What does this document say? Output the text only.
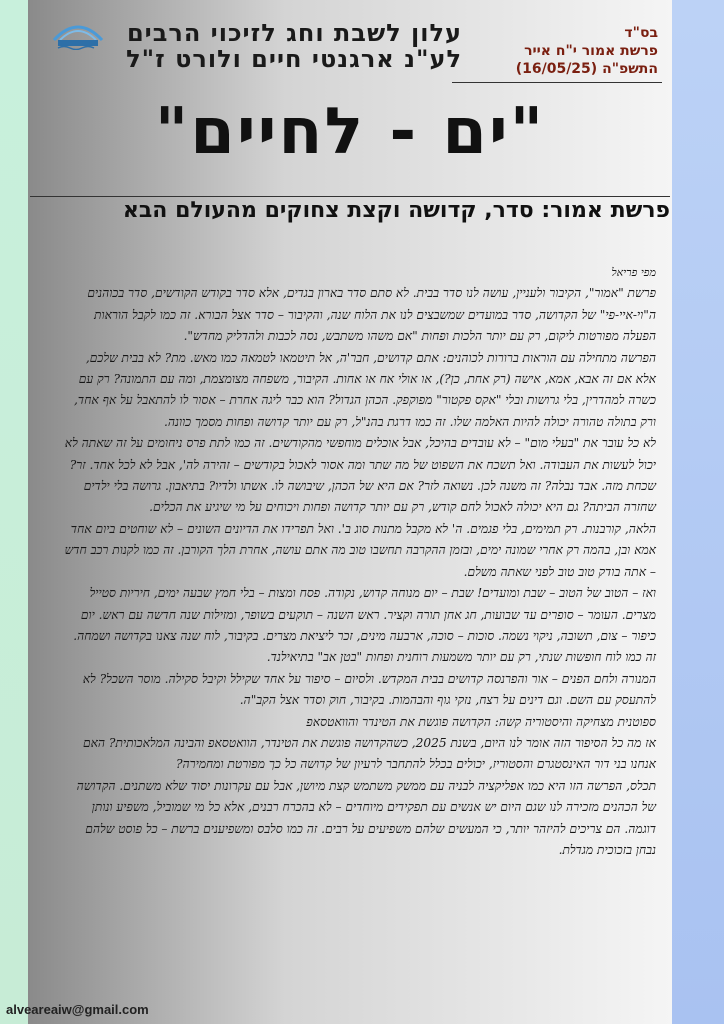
עלון לשבת וחג לזיכוי הרבים
לע"נ ארגנטי חיים ולורט ז"ל
בס"ד
פרשת אמור י"ח אייר
התשפ"ה (16/05/25)
"ים - לחיים"
פרשת אמור: סדר, קדושה וקצת צחוקים מהעולם הבא

מפי פריאל

פרשת "אמור", הקיבור ולעניין, עושה לנו סדר בבית. לא סתם סדר בארון בגדים, אלא סדר בקודש הקודשים, סדר בכוהנים ה"וי-איי-פי" של הקדושה, סדר במועדים שמשבצים לנו את הלוח שנה, והקיבור – סדר אצל הבורא. זה כמו לקבל הוראות הפעלה מפורטות ליקום, רק עם יותר הלכות ופחות "אם משהו משתבש, נסה לכבות ולהדליק מחדש".

הפרשה מתחילה עם הוראות ברורות לכוהנים: אתם קדושים, חבר'ה, אל תיטמאו לטמאה כמו מאש. מת? לא בבית שלכם, אלא אם זה אבא, אמא, אישה (רק אחת, כן?), או אולי אח או אחות. הקיבור, משפחה מצומצמת, ומה עם התמונה? רק עם כשרה למהדרין, בלי גרושות ובלי "אקס פקטור" מפוקפק. הכהן הגדול? הוא כבר ליגה אחרת – אסור לו להתאבל על אף אחד, ורק בתולה טהורה יכולה להיות האלמה שלו. זה כמו דרגת בהנ"ל, רק עם יותר קדושה ופחות מסמך כוונה.

לא כל עובר את "בעלי מום" – לא עובדים בהיכל, אבל אוכלים מוחפשי מהקודשים. זה כמו לתת פרס ניחומים על זה שאתה לא יכול לעשות את העבודה. ואל תשכח את השפוט של מה שתר ומה אסור לאכול בקודשים – זהירה לה', אבל לא לכל אחד. זר? שכחת מזה. אבד נבלה? זה משנה לכן. נשואה לזר? אם היא של הכהן, שיבושה לו. אשתו ולדיו? בתיאבון. גרושה בלי ילדים שחזרה הביתה? גם היא יכולה לאכול לחם קודש, רק עם יותר קדושה ופחות ויכוחים על מי שיגיע את הכלים.

הלאה, קורבנות. רק תמימים, בלי פגמים. ה' לא מקבל מתנות סוג ב'. ואל תפרידו את הדיונים השונים – לא שוחטים ביום אחד אמא ובן, בהמה רק אחרי שמונה ימים, ובזמן ההקרבה תחשבו טוב מה אתם עושה, אחרת הלך הקורבן. זה כמו לקנות רכב חדש – אתה בודק טוב טוב לפני שאתה משלם.

ואז – הטוב של הטוב – שבת ומועדים! שבת – יום מנוחה קדוש, נקודה. פסח ומצות – בלי חמץ שבעה ימים, חיריות סטייל מצרים. העומר – סופרים עד שבועות, חג אחן תורה וקציר. ראש השנה – תוקעים בשופר, ומזילות שנה חדשה עם ראש. יום כיפור – צום, תשובה, ניקוי נשמה. סוכות – סוכה, ארבעה מינים, זכר ליציאת מצרים. בקיבור, לוח שנה צאנו בקדושה ושמחה. זה כמו לוח חופשות שנתי, רק עם יותר משמעות רוחנית ופחות "בטן אב" בתיאילנד.

המנורה ולחם הפנים – אור והפרנסה קדושים בבית המקדש. ולסיום – סיפור על אחד שקילל וקיבל סקילה. מוסר השכל? לא להתעסק עם השם. וגם דינים על רצח, נזקי גוף והבהמות. בקיבור, חוק וסדר אצל הקב"ה.

ספוטנית מצחיקה והיסטוריה קשה: הקדושה פוגשת את הטינדר והוואטסאפ

אז מה כל הסיפור הזה אומר לנו היום, בשנת 2025, כשהקדושה פוגשת את הטינדר, הוואטסאפ והבינה המלאכותית? האם אנחנו בני דור האינסטגרם והסטוריז, יכולים בכלל להתחבר לרעיון של קדושה כל כך מפורטת ומחמירה?

תכלס, הפרשה הזו היא כמו אפליקציה לבניה עם ממשק משתמש קצת מיושן, אבל עם עקרונות יסוד שלא משתנים. הקדושה של הכהנים מזכירה לנו שגם היום יש אנשים עם תפקידים מיוחדים – לא בהכרח רבנים, אלא כל מי שמוביל, משפיע ונותן דוגמה. הם צריכים להיזהר יותר, כי המעשים שלהם משפיעים על רבים. זה כמו סלבס ומשפיענים ברשת – כל פוסט שלהם נבחן בזכוכית מגדלת.

alveareaiw@gmail.com
